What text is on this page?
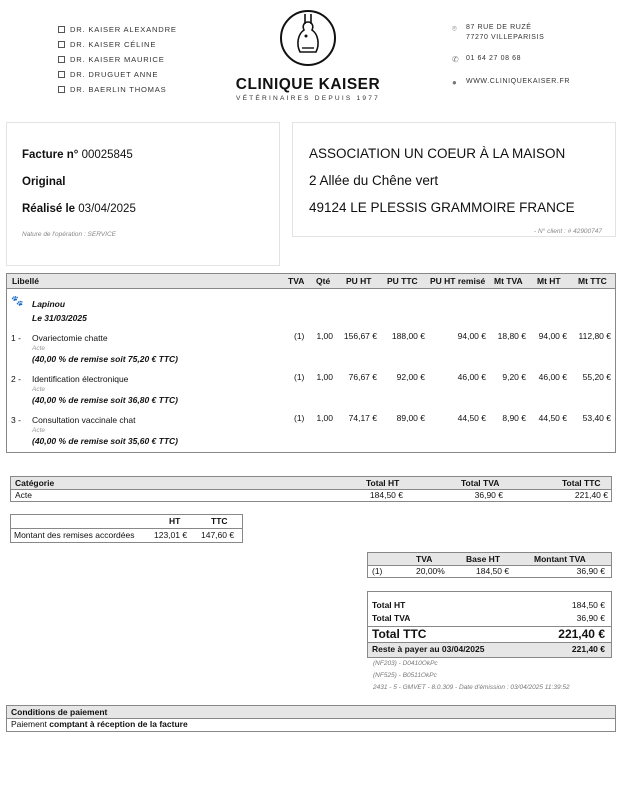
DR. KAISER ALEXANDRE
DR. KAISER CÉLINE
DR. KAISER MAURICE
DR. DRUGUET ANNE
DR. BAERLIN THOMAS	CLINIQUE KAISER
VÉTÉRINAIRES DEPUIS 1977
⌾	87 RUE DE RUZÉ
77270 VILLEPARISIS
✆ 01 64 27 08 68
●	WWW.CLINIQUEKAISER.FR
Facture n° 00025845
Original
Réalisé le 03/04/2025
Nature de l'opération : SERVICE
ASSOCIATION UN COEUR À LA MAISON
2 Allée du Chêne vert
49124 LE PLESSIS GRAMMOIRE FRANCE
- N° client : # 42900747
Libellé	TVA Qté PU HT PU TTC PU HT remisé Mt TVA Mt HT Mt TTC
🐾 Lapinou
Le 31/03/2025
1 - Ovariectomie chatte
Acte
(40,00 % de remise soit 75,20 € TTC)
(1)	1,00	156,67 €	188,00 €	94,00 €	18,80 €	94,00 €	112,80 €
2 - Identification électronique
Acte
(40,00 % de remise soit 36,80 € TTC)
(1)	1,00	76,67 €	92,00 €	46,00 €	9,20 €	46,00 €	55,20 €
3 - Consultation vaccinale chat
Acte
(40,00 % de remise soit 35,60 € TTC)
(1)	1,00	74,17 €	89,00 €	44,50 €	8,90 €	44,50 €	53,40 €
Catégorie	Total HT	Total TVA	Total TTC
Acte	184,50 €	36,90 €	221,40 €
HT	TTC
Montant des remises accordées 123,01 € 147,60 €
TVA	Base HT	Montant TVA
(1)	20,00%	184,50 €	36,90 €
Total HT	184,50 €
Total TVA	36,90 €
Total TTC	221,40 €
Reste à payer au 03/04/2025	221,40 €
(NF203) - D0410OkPc
(NF525) - B0511OkPc
2431 - 5 - GMVET - 8.0.309 - Date d'émission : 03/04/2025 11:39:52
Conditions de paiement
Paiement comptant à réception de la facture
